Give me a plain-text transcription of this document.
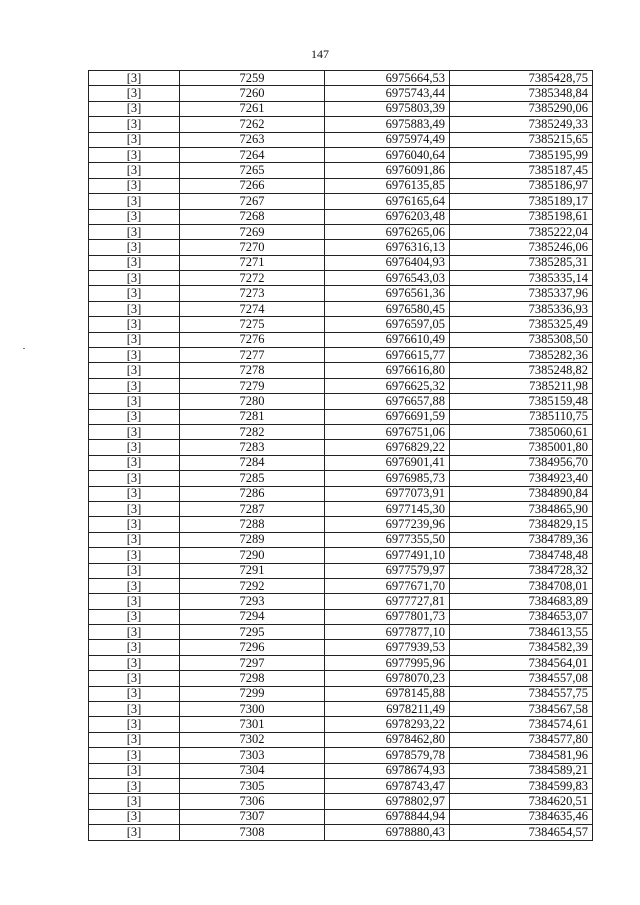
147
[3]	7259	6975664,53	7385428,75
[3]	7260	6975743,44	7385348,84
[3]	7261	6975803,39	7385290,06
[3]	7262	6975883,49	7385249,33
[3]	7263	6975974,49	7385215,65
[3]	7264	6976040,64	7385195,99
[3]	7265	6976091,86	7385187,45
[3]	7266	6976135,85	7385186,97
[3]	7267	6976165,64	7385189,17
[3]	7268	6976203,48	7385198,61
[3]	7269	6976265,06	7385222,04
[3]	7270	6976316,13	7385246,06
[3]	7271	6976404,93	7385285,31
[3]	7272	6976543,03	7385335,14
[3]	7273	6976561,36	7385337,96
[3]	7274	6976580,45	7385336,93
[3]	7275	6976597,05	7385325,49
[3]	7276	6976610,49	7385308,50
[3]	7277	6976615,77	7385282,36
[3]	7278	6976616,80	7385248,82
[3]	7279	6976625,32	7385211,98
[3]	7280	6976657,88	7385159,48
[3]	7281	6976691,59	7385110,75
[3]	7282	6976751,06	7385060,61
[3]	7283	6976829,22	7385001,80
[3]	7284	6976901,41	7384956,70
[3]	7285	6976985,73	7384923,40
[3]	7286	6977073,91	7384890,84
[3]	7287	6977145,30	7384865,90
[3]	7288	6977239,96	7384829,15
[3]	7289	6977355,50	7384789,36
[3]	7290	6977491,10	7384748,48
[3]	7291	6977579,97	7384728,32
[3]	7292	6977671,70	7384708,01
[3]	7293	6977727,81	7384683,89
[3]	7294	6977801,73	7384653,07
[3]	7295	6977877,10	7384613,55
[3]	7296	6977939,53	7384582,39
[3]	7297	6977995,96	7384564,01
[3]	7298	6978070,23	7384557,08
[3]	7299	6978145,88	7384557,75
[3]	7300	6978211,49	7384567,58
[3]	7301	6978293,22	7384574,61
[3]	7302	6978462,80	7384577,80
[3]	7303	6978579,78	7384581,96
[3]	7304	6978674,93	7384589,21
[3]	7305	6978743,47	7384599,83
[3]	7306	6978802,97	7384620,51
[3]	7307	6978844,94	7384635,46
[3]	7308	6978880,43	7384654,57
